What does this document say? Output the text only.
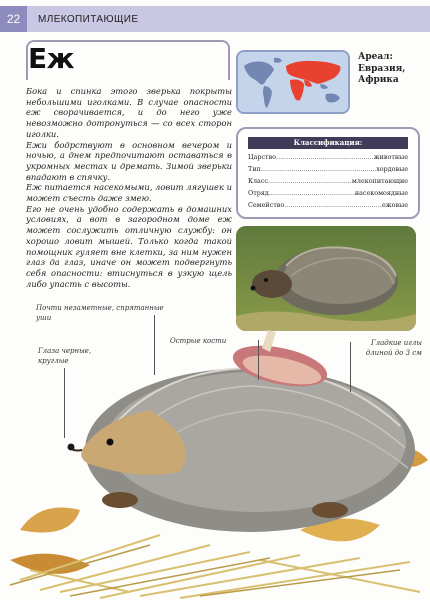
22	МЛЕКОПИТАЮЩИЕ
Еж

Бока и спинка этого зверька покрыты небольшими иголками. В случае опасности еж сворачивается, и до него уже невозможно дотронуться — со всех сторон иголки.

Ежи бодрствуют в основном вечером и ночью, а днем предпочитают оставаться в укромных местах и дремать. Зимой зверьки впадают в спячку.

Еж питается насекомыми, ловит лягушек и может съесть даже змею.

Его не очень удобно содержать в домашних условиях, а вот в загородном доме еж может сослужить отличную службу: он хорошо ловит мышей. Только когда такой помощник гуляет вне клетки, за ним нужен глаз да глаз, иначе он может подвергнуть себя опасности: втиснуться в узкую щель либо упасть с высоты.

Ареал:
Евразия,
Африка
Классификация:
Царство .....	животные
Тип .....	хордовые
Класс .....	млекопитающие
Отряд .....	насекомоядные
Семейство .....	ежовые
Почти незаметные, спрятанные уши
Глаза черные, круглые
Острые кости	Гладкие иглы длиной до 3 см
